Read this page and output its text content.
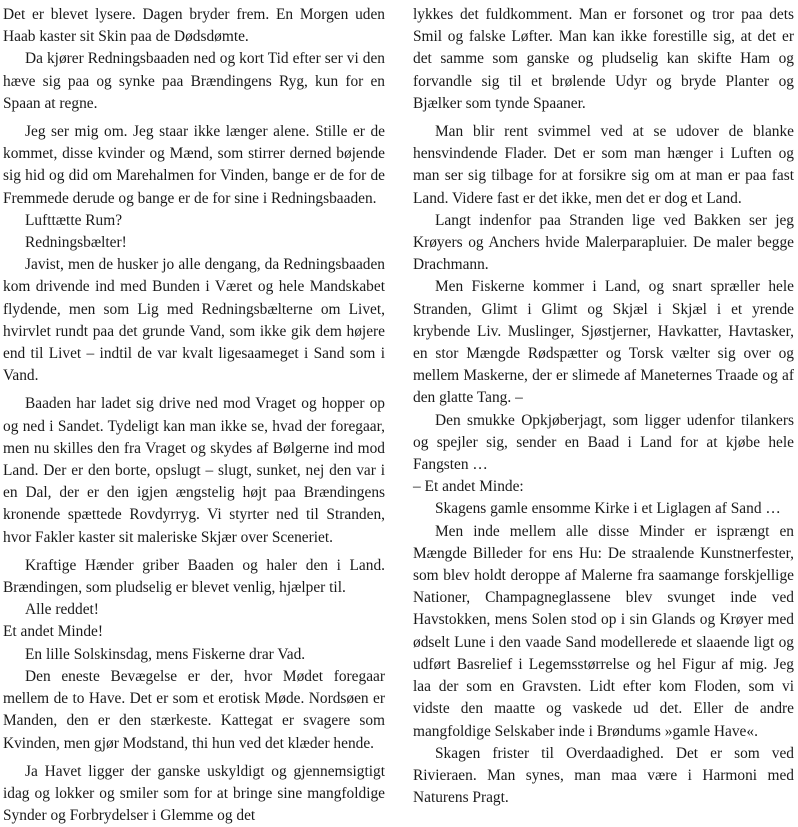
Det er blevet lysere. Dagen bryder frem. En Morgen uden Haab kaster sit Skin paa de Dødsdømte.

Da kjører Redningsbaaden ned og kort Tid efter ser vi den hæve sig paa og synke paa Brændingens Ryg, kun for en Spaan at regne.

Jeg ser mig om. Jeg staar ikke længer alene. Stille er de kommet, disse kvinder og Mænd, som stirrer derned bøjende sig hid og did om Marehalmen for Vinden, bange er de for de Fremmede derude og bange er de for sine i Redningsbaaden.

Lufttætte Rum?

Redningsbælter!

Javist, men de husker jo alle dengang, da Redningsbaaden kom drivende ind med Bunden i Været og hele Mandskabet flydende, men som Lig med Redningsbælterne om Livet, hvirvlet rundt paa det grunde Vand, som ikke gik dem højere end til Livet – indtil de var kvalt ligesaameget i Sand som i Vand.

Baaden har ladet sig drive ned mod Vraget og hopper op og ned i Sandet. Tydeligt kan man ikke se, hvad der foregaar, men nu skilles den fra Vraget og skydes af Bølgerne ind mod Land. Der er den borte, opslugt – slugt, sunket, nej den var i en Dal, der er den igjen ængstelig højt paa Brændingens kronende spættede Rovdyrryg. Vi styrter ned til Stranden, hvor Fakler kaster sit maleriske Skjær over Sceneriet.

Kraftige Hænder griber Baaden og haler den i Land. Brændingen, som pludselig er blevet venlig, hjælper til.

Alle reddet!

Et andet Minde!

En lille Solskinsdag, mens Fiskerne drar Vad.

Den eneste Bevægelse er der, hvor Mødet foregaar mellem de to Have. Det er som et erotisk Møde. Nordsøen er Manden, den er den stærkeste. Kattegat er svagere som Kvinden, men gjør Modstand, thi hun ved det klæder hende.

Ja Havet ligger der ganske uskyldigt og gjennemsigtigt idag og lokker og smiler som for at bringe sine mangfoldige Synder og Forbrydelser i Glemme og det

lykkes det fuldkomment. Man er forsonet og tror paa dets Smil og falske Løfter. Man kan ikke forestille sig, at det er det samme som ganske og pludselig kan skifte Ham og forvandle sig til et brølende Udyr og bryde Planter og Bjælker som tynde Spaaner.

Man blir rent svimmel ved at se udover de blanke hensvindende Flader. Det er som man hænger i Luften og man ser sig tilbage for at forsikre sig om at man er paa fast Land. Videre fast er det ikke, men det er dog et Land.

Langt indenfor paa Stranden lige ved Bakken ser jeg Krøyers og Anchers hvide Malerparapluier. De maler begge Drachmann.

Men Fiskerne kommer i Land, og snart spræller hele Stranden, Glimt i Glimt og Skjæl i Skjæl i et yrende krybende Liv. Muslinger, Sjøstjerner, Havkatter, Havtasker, en stor Mængde Rødspætter og Torsk vælter sig over og mellem Maskerne, der er slimede af Maneternes Traade og af den glatte Tang. –

Den smukke Opkjøberjagt, som ligger udenfor tilankers og spejler sig, sender en Baad i Land for at kjøbe hele Fangsten …

– Et andet Minde:

Skagens gamle ensomme Kirke i et Liglagen af Sand …

Men inde mellem alle disse Minder er isprængt en Mængde Billeder for ens Hu: De straalende Kunstnerfester, som blev holdt deroppe af Malerne fra saamange forskjellige Nationer, Champagneglassene blev svunget inde ved Havstokken, mens Solen stod op i sin Glands og Krøyer med ødselt Lune i den vaade Sand modellerede et slaaende ligt og udført Basrelief i Legemsstørrelse og hel Figur af mig. Jeg laa der som en Gravsten. Lidt efter kom Floden, som vi vidste den maatte og vaskede ud det. Eller de andre mangfoldige Selskaber inde i Brøndums »gamle Have«.

Skagen frister til Overdaadighed. Det er som ved Rivieraen. Man synes, man maa være i Harmoni med Naturens Pragt.
